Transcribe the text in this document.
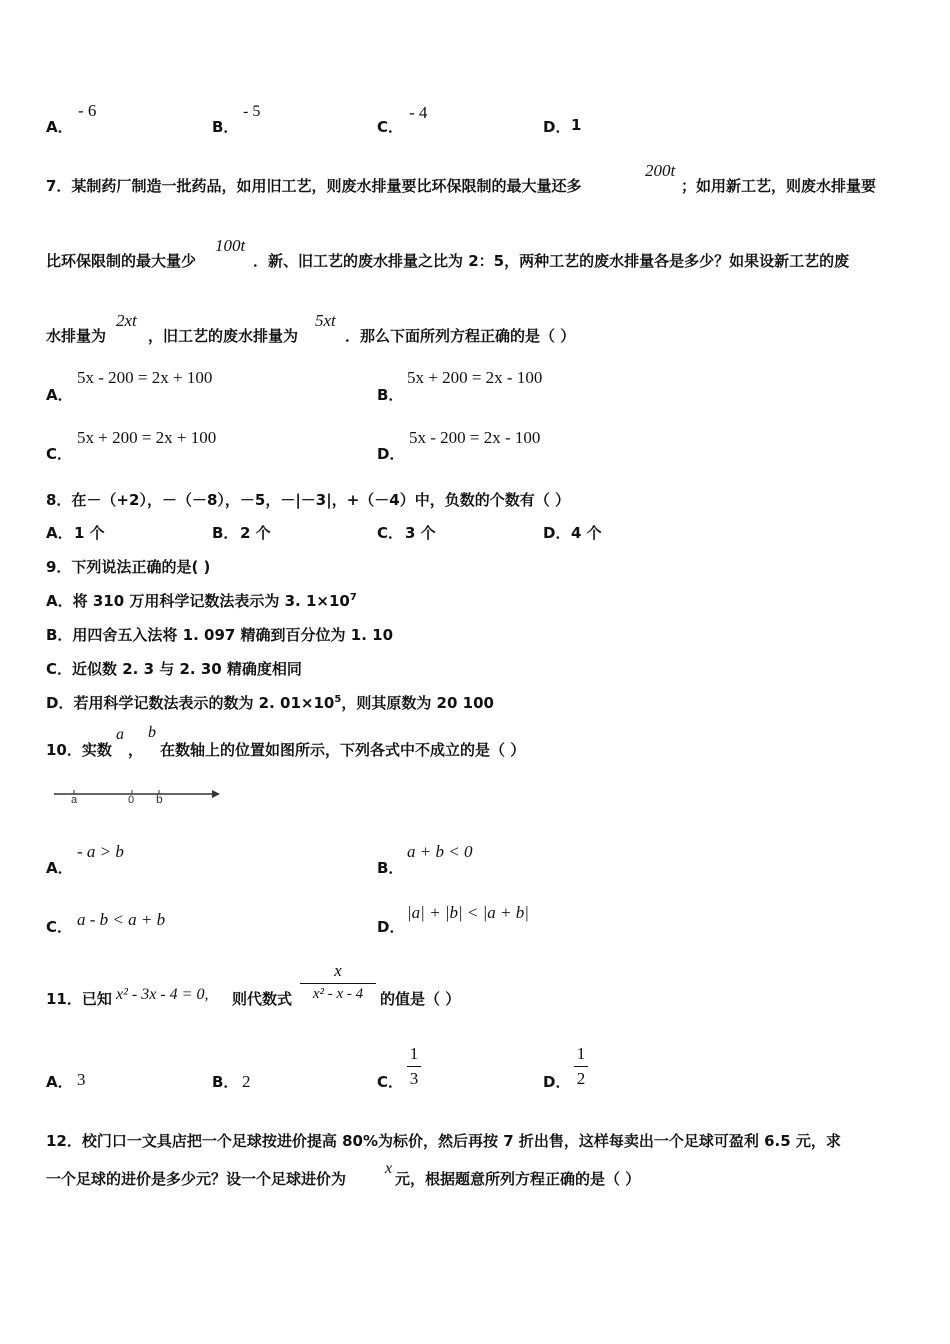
A．
- 6
B．
- 5
C．
- 4
D． 1
7．某制药厂制造一批药品，如用旧工艺，则废水排量要比环保限制的最大量还多
200t
；如用新工艺，则废水排量要
比环保限制的最大量少
100t
．新、旧工艺的废水排量之比为 2：5，两种工艺的废水排量各是多少？如果设新工艺的废
水排量为
2xt
，旧工艺的废水排量为
5xt
．那么下面所列方程正确的是（ ）
A．
5x - 200 = 2x + 100
B．
5x + 200 = 2x - 100
C．
5x + 200 = 2x + 100
D．
5x - 200 = 2x - 100
8．在－（+2），－（－8），－5，－|－3|，+（－4）中，负数的个数有（ ）
A． 1 个	B． 2 个	C． 3 个	D． 4 个
9．下列说法正确的是( )
A．将 310 万用科学记数法表示为 3. $1\times 10^7$
B．用四舍五入法将 1. 097 精确到百分位为 1. 10
C．近似数 2. 3 与 2. 30 精确度相同
D．若用科学记数法表示的数为 2. $01\times 10^5$，则其原数为 20 100
10．实数
a
，
b
在数轴上的位置如图所示，下列各式中不成立的是（ ）
a	0 b
A．
- a > b
B．
a + b < 0
C． a - b < a + b	D．
|a| + |b| < |a + b|
11．已知 x² - 3x - 4 = 0, 则代数式
x
x² - x - 4	的值是（ ）
A． 3	B． 2	C．
1
3	D．
1
2
12．校门口一文具店把一个足球按进价提高 80%为标价，然后再按 7 折出售，这样每卖出一个足球可盈利 6.5 元，求
一个足球的进价是多少元？设一个足球进价为
x
元，根据题意所列方程正确的是（ ）
